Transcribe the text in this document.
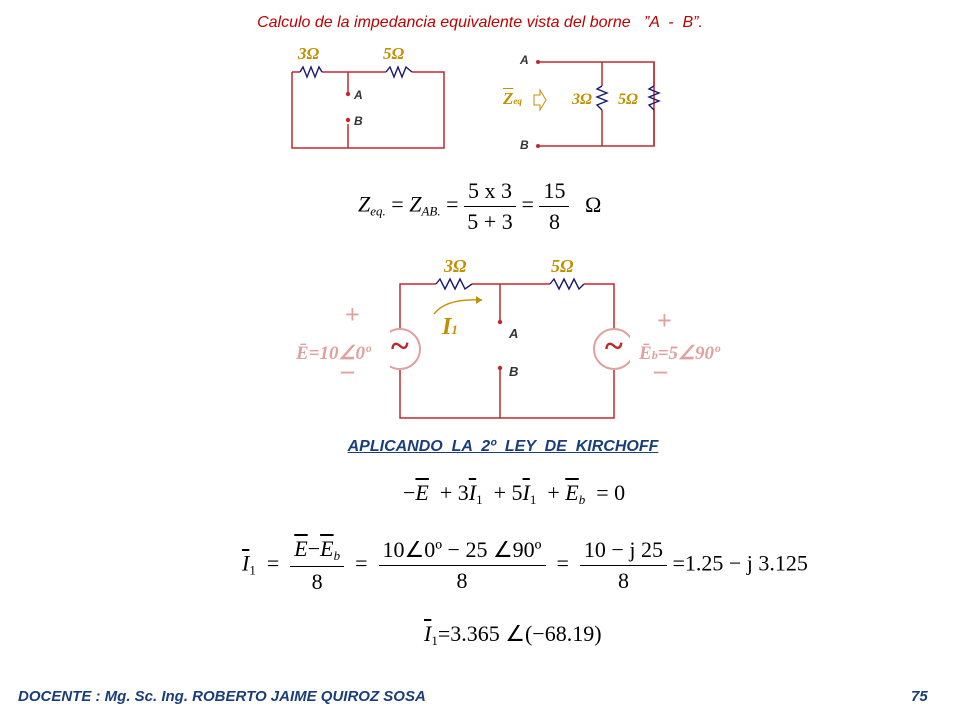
Calculo de la impedancia equivalente vista del borne   ”A  -  B”.
3Ω	5Ω
A
B
A
B
$\overline{Z}eq$	3Ω 5Ω
$Z_{eq.} = Z_{AB.} = \frac{5 x 3}{5 + 3} = \frac{15}{8}$ Ω
~	~
3Ω	5Ω
I1	A
B
+
–
+
–
Ē=10∠0º	Ēb=5∠90º
APLICANDO  LA  2º  LEY  DE  KIRCHOFF
$-\overline{E} + 3\overline{I}_1 + 5\overline{I}_1 + \overline{E}_b = 0$
$\overline{I}_1 = \frac{\overline{E}-\overline{E}_b}{8} = \frac{\text{10∠0º − 25 ∠90º}}{8} = \frac{10 - j 25}{8} =1.25 - j$ 3.125
$\overline{I}_1=3.365$ ∠(−68.19)
DOCENTE : Mg. Sc. Ing. ROBERTO JAIME QUIROZ SOSA	75
